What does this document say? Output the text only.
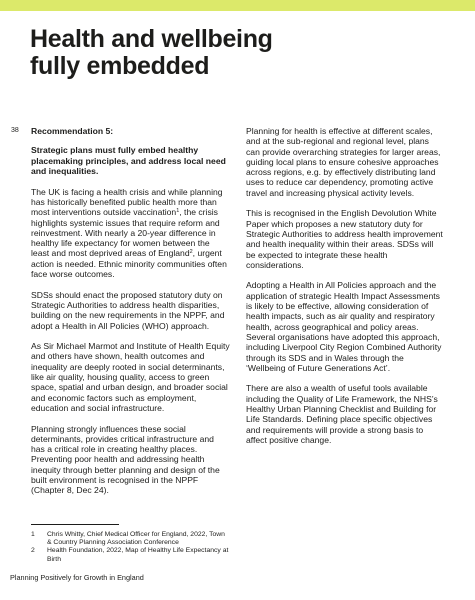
Health and wellbeing
fully embedded
38 Recommendation 5:

Strategic plans must fully embed healthy placemaking principles, and address local need and inequalities.

The UK is facing a health crisis and while planning has historically benefited public health more than most interventions outside vaccination$^1$, the crisis highlights systemic issues that require reform and reinvestment. With nearly a 20-year difference in healthy life expectancy for women between the least and most deprived areas of England$^2$, urgent action is needed. Ethnic minority communities often face worse outcomes.

SDSs should enact the proposed statutory duty on Strategic Authorities to address health disparities, building on the new requirements in the NPPF, and adopt a Health in All Policies (WHO) approach.

As Sir Michael Marmot and Institute of Health Equity and others have shown, health outcomes and inequality are deeply rooted in social determinants, like air quality, housing quality, access to green space, spatial and urban design, and broader social and economic factors such as employment, education and social infrastructure.

Planning strongly influences these social determinants, provides critical infrastructure and has a critical role in creating healthy places. Preventing poor health and addressing health inequity through better planning and design of the built environment is recognised in the NPPF (Chapter 8, Dec 24).

Planning for health is effective at different scales, and at the sub-regional and regional level, plans can provide overarching strategies for larger areas, guiding local plans to ensure cohesive approaches across regions, e.g. by effectively distributing land uses to reduce car dependency, promoting active travel and increasing physical activity levels.

This is recognised in the English Devolution White Paper which proposes a new statutory duty for Strategic Authorities to address health improvement and health inequality within their areas. SDSs will be expected to integrate these health considerations.

Adopting a Health in All Policies approach and the application of strategic Health Impact Assessments is likely to be effective, allowing consideration of health impacts, such as air quality and respiratory health, across geographical and policy areas. Several organisations have adopted this approach, including Liverpool City Region Combined Authority through its SDS and in Wales through the ‘Wellbeing of Future Generations Act’.

There are also a wealth of useful tools available including the Quality of Life Framework, the NHS’s Healthy Urban Planning Checklist and Building for Life Standards. Defining place specific objectives and requirements will provide a strong basis to affect positive change.

1	Chris Whitty, Chief Medical Officer for England, 2022, Town & Country Planning Association Conference
2	Health Foundation, 2022, Map of Healthy Life Expectancy at Birth
Planning Positively for Growth in England
